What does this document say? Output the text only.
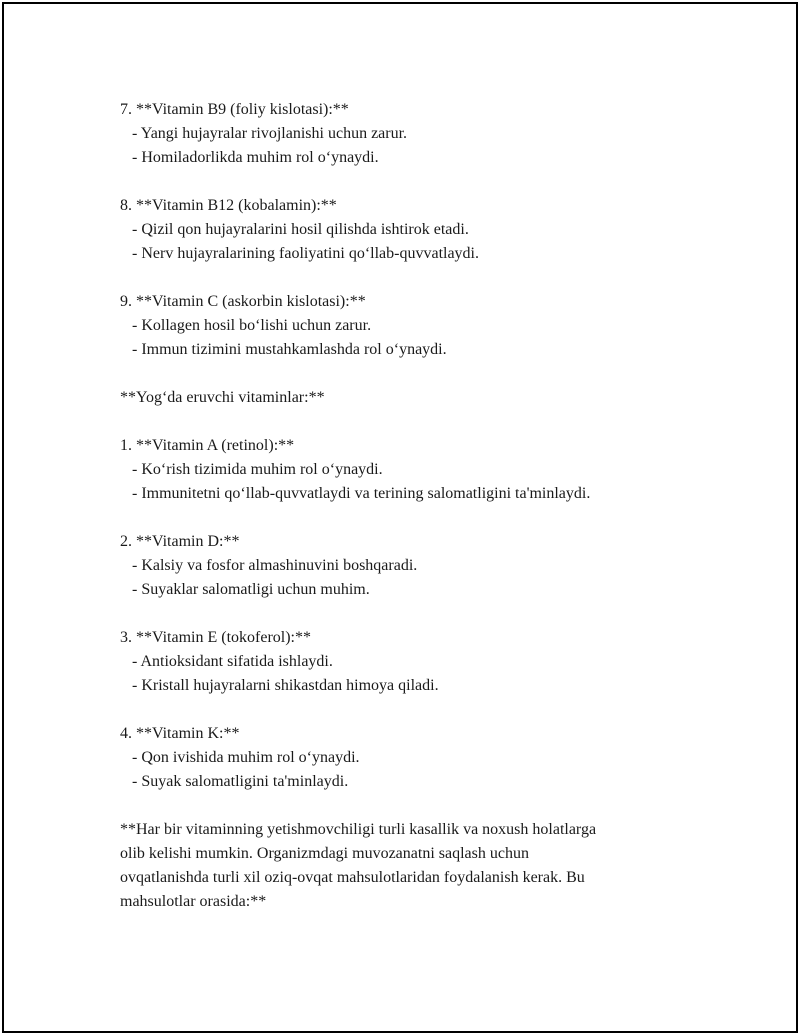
7. **Vitamin B9 (foliy kislotasi):**

- Yangi hujayralar rivojlanishi uchun zarur.

- Homiladorlikda muhim rol o‘ynaydi.

8. **Vitamin B12 (kobalamin):**

- Qizil qon hujayralarini hosil qilishda ishtirok etadi.

- Nerv hujayralarining faoliyatini qo‘llab-quvvatlaydi.

9. **Vitamin C (askorbin kislotasi):**

- Kollagen hosil bo‘lishi uchun zarur.

- Immun tizimini mustahkamlashda rol o‘ynaydi.

**Yog‘da eruvchi vitaminlar:**

1. **Vitamin A (retinol):**

- Ko‘rish tizimida muhim rol o‘ynaydi.

- Immunitetni qo‘llab-quvvatlaydi va terining salomatligini ta'minlaydi.

2. **Vitamin D:**

- Kalsiy va fosfor almashinuvini boshqaradi.

- Suyaklar salomatligi uchun muhim.

3. **Vitamin E (tokoferol):**

- Antioksidant sifatida ishlaydi.

- Kristall hujayralarni shikastdan himoya qiladi.

4. **Vitamin K:**

- Qon ivishida muhim rol o‘ynaydi.

- Suyak salomatligini ta'minlaydi.

**Har bir vitaminning yetishmovchiligi turli kasallik va noxush holatlarga

olib kelishi mumkin. Organizmdagi muvozanatni saqlash uchun

ovqatlanishda turli xil oziq-ovqat mahsulotlaridan foydalanish kerak. Bu

mahsulotlar orasida:**
